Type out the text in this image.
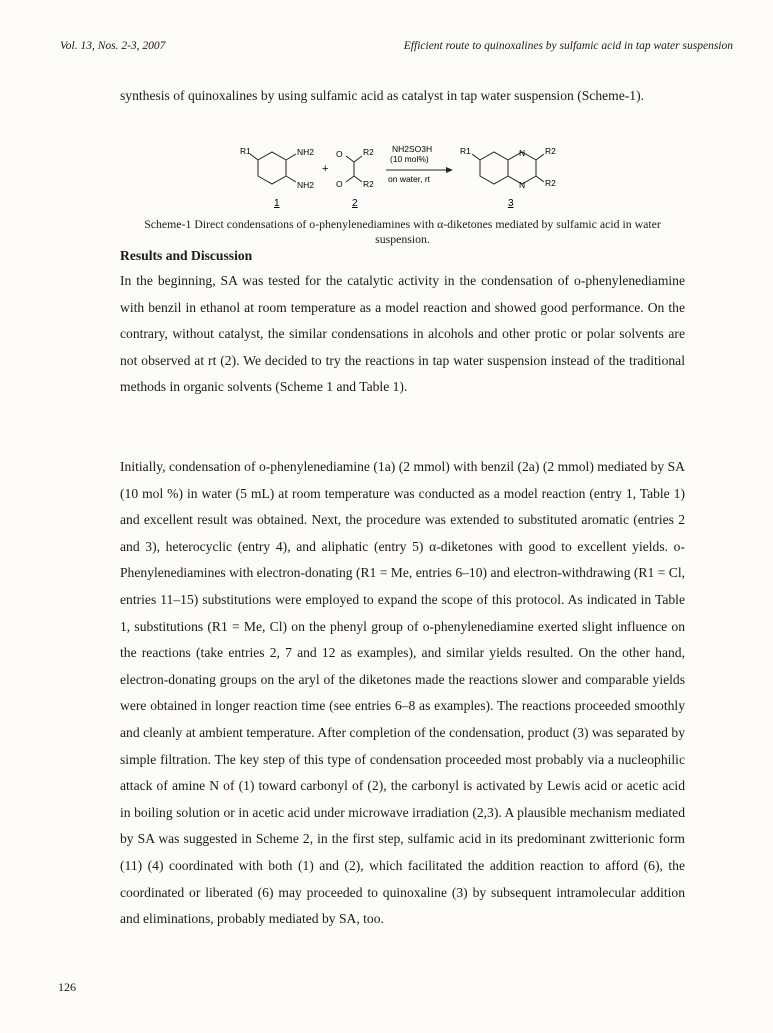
Vol. 13, Nos. 2-3, 2007	Efficient route to quinoxalines by sulfamic acid in tap water suspension

synthesis of quinoxalines by using sulfamic acid as catalyst in tap water suspension (Scheme-1).

R1	NH2
NH2
1
+
O
O
R2
R2
2
NH2SO3H
(10 mol%)
on water, rt
R1	N
N
R2
R2
3
Scheme-1 Direct condensations of o-phenylenediamines with α-diketones mediated by sulfamic acid in water suspension.
Results and Discussion

In the beginning, SA was tested for the catalytic activity in the condensation of o-phenylenediamine with benzil in ethanol at room temperature as a model reaction and showed good performance. On the contrary, without catalyst, the similar condensations in alcohols and other protic or polar solvents are not observed at rt (2). We decided to try the reactions in tap water suspension instead of the traditional methods in organic solvents (Scheme 1 and Table 1).

Initially, condensation of o-phenylenediamine (1a) (2 mmol) with benzil (2a) (2 mmol) mediated by SA (10 mol %) in water (5 mL) at room temperature was conducted as a model reaction (entry 1, Table 1) and excellent result was obtained. Next, the procedure was extended to substituted aromatic (entries 2 and 3), heterocyclic (entry 4), and aliphatic (entry 5) α-diketones with good to excellent yields. o-Phenylenediamines with electron-donating (R1 = Me, entries 6–10) and electron-withdrawing (R1 = Cl, entries 11–15) substitutions were employed to expand the scope of this protocol. As indicated in Table 1, substitutions (R1 = Me, Cl) on the phenyl group of o-phenylenediamine exerted slight influence on the reactions (take entries 2, 7 and 12 as examples), and similar yields resulted. On the other hand, electron-donating groups on the aryl of the diketones made the reactions slower and comparable yields were obtained in longer reaction time (see entries 6–8 as examples). The reactions proceeded smoothly and cleanly at ambient temperature. After completion of the condensation, product (3) was separated by simple filtration. The key step of this type of condensation proceeded most probably via a nucleophilic attack of amine N of (1) toward carbonyl of (2), the carbonyl is activated by Lewis acid or acetic acid in boiling solution or in acetic acid under microwave irradiation (2,3). A plausible mechanism mediated by SA was suggested in Scheme 2, in the first step, sulfamic acid in its predominant zwitterionic form (11) (4) coordinated with both (1) and (2), which facilitated the addition reaction to afford (6), the coordinated or liberated (6) may proceeded to quinoxaline (3) by subsequent intramolecular addition and eliminations, probably mediated by SA, too.

126
